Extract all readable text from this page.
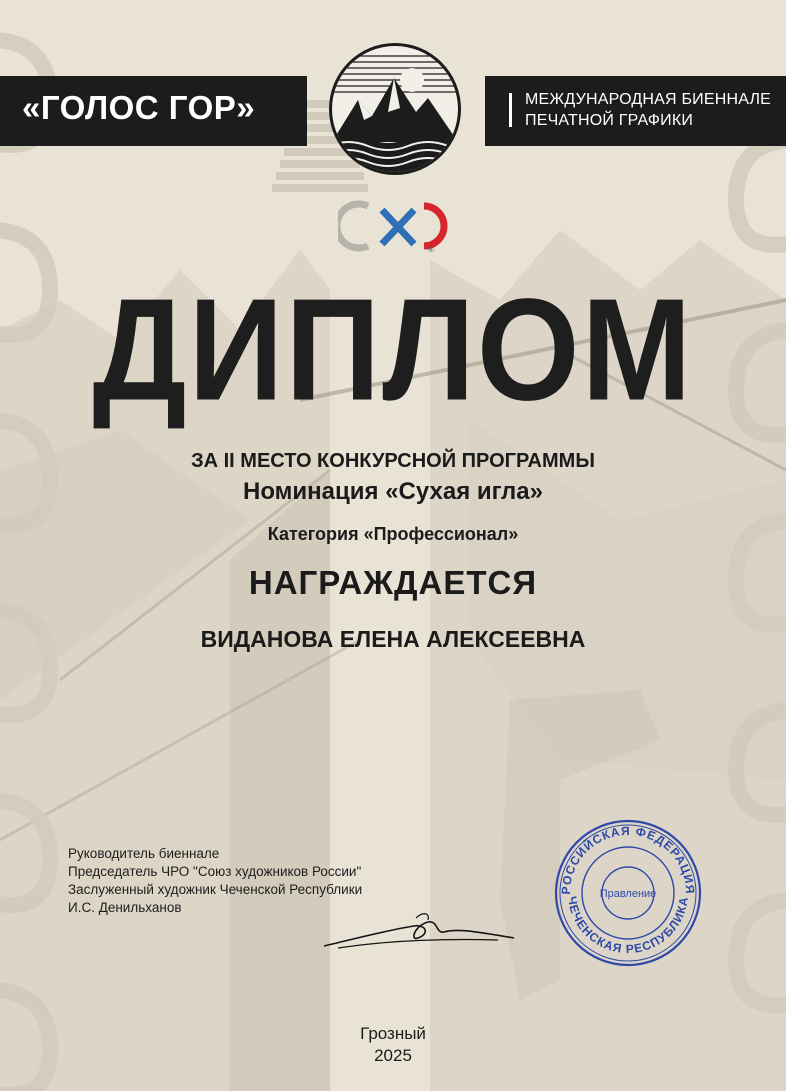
«ГОЛОС ГОР»	МЕЖДУНАРОДНАЯ БИЕННАЛЕ
ПЕЧАТНОЙ ГРАФИКИ
®
ДИПЛОМ
ЗА II МЕСТО КОНКУРСНОЙ ПРОГРАММЫ
Номинация «Сухая игла»
Категория «Профессионал»
НАГРАЖДАЕТСЯ
ВИДАНОВА ЕЛЕНА АЛЕКСЕЕВНА
Руководитель биеннале
Председатель ЧРО "Союз художников России"
Заслуженный художник Чеченской Республики
И.С. Денильханов
РОССИЙСКАЯ ФЕДЕРАЦИЯ
ЧЕЧЕНСКАЯ РЕСПУБЛИКА
Правление
Грозный
2025
